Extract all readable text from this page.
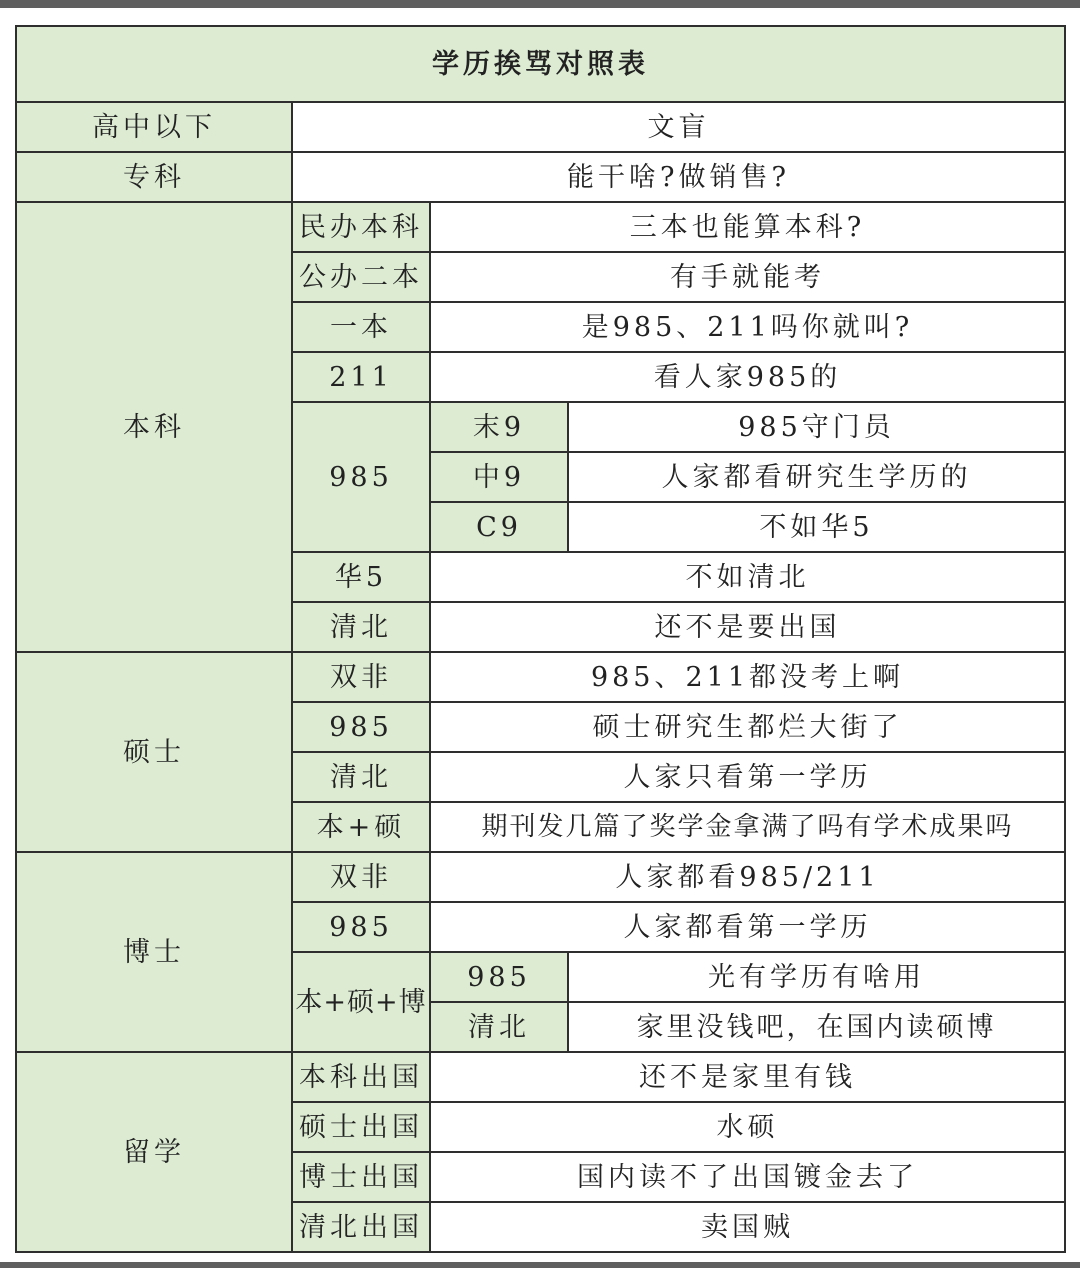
学历挨骂对照表			
高中以下	文盲		
专科	能干啥?做销售?		
本科	民办本科	三本也能算本科?	
	公办二本	有手就能考	
	一本	是985、211吗你就叫?	
	211	看人家985的	
	985	末9	985守门员
		中9	人家都看研究生学历的
		C9	不如华5
	华5	不如清北	
	清北	还不是要出国	
硕士	双非	985、211都没考上啊	
	985	硕士研究生都烂大街了	
	清北	人家只看第一学历	
	本+硕	期刊发几篇了奖学金拿满了吗有学术成果吗	
博士	双非	人家都看985/211	
	985	人家都看第一学历	
	本+硕+博	985	光有学历有啥用
		清北	家里没钱吧，在国内读硕博
留学	本科出国	还不是家里有钱	
	硕士出国	水硕	
	博士出国	国内读不了出国镀金去了	
	清北出国	卖国贼	
